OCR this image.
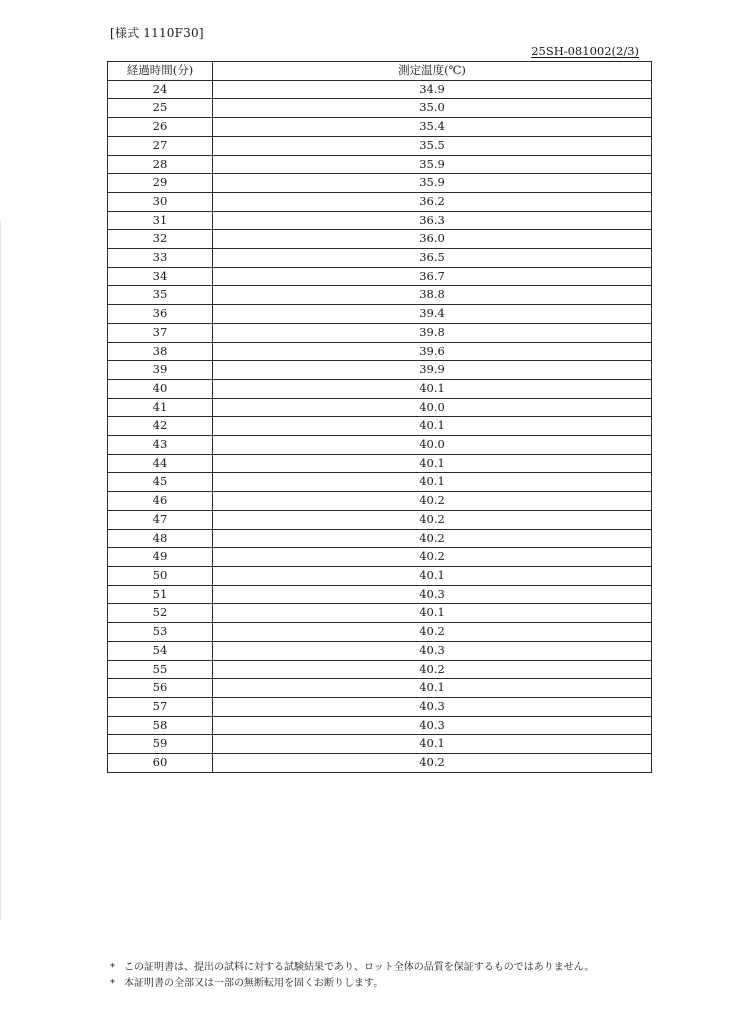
[様式 1110F30]
25SH-081002(2/3)
経過時間(分)	測定温度(℃)
24	34.9
25	35.0
26	35.4
27	35.5
28	35.9
29	35.9
30	36.2
31	36.3
32	36.0
33	36.5
34	36.7
35	38.8
36	39.4
37	39.8
38	39.6
39	39.9
40	40.1
41	40.0
42	40.1
43	40.0
44	40.1
45	40.1
46	40.2
47	40.2
48	40.2
49	40.2
50	40.1
51	40.3
52	40.1
53	40.2
54	40.3
55	40.2
56	40.1
57	40.3
58	40.3
59	40.1
60	40.2
* この証明書は、提出の試料に対する試験結果であり、ロット全体の品質を保証するものではありません。
* 本証明書の全部又は一部の無断転用を固くお断りします。
